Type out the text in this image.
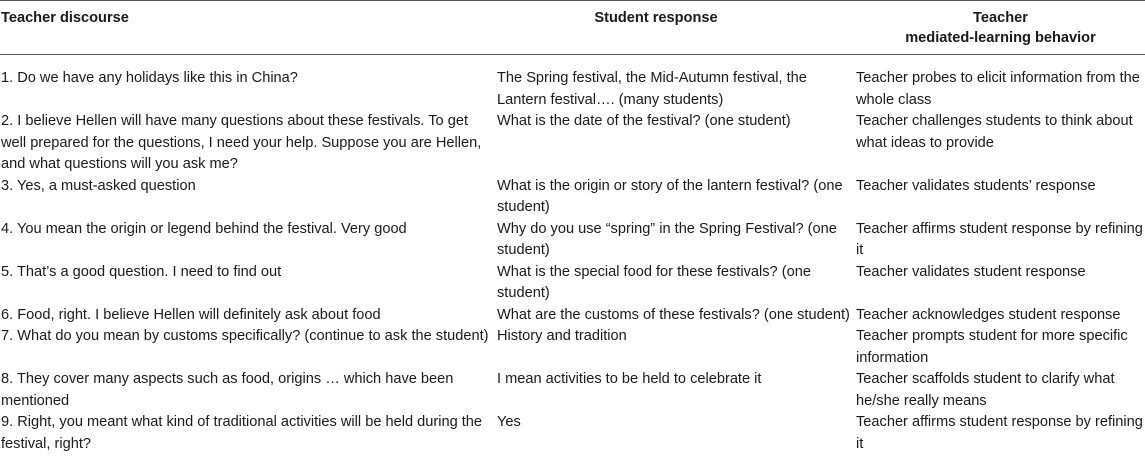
Teacher discourse	Student response	Teacher
mediated-learning behavior
1. Do we have any holidays like this in China?	The Spring festival, the Mid-Autumn festival, the Lantern festival…. (many students)	Teacher probes to elicit information from the whole class
2. I believe Hellen will have many questions about these festivals. To get well prepared for the questions, I need your help. Suppose you are Hellen, and what questions will you ask me?	What is the date of the festival? (one student)	Teacher challenges students to think about what ideas to provide
3. Yes, a must-asked question	What is the origin or story of the lantern festival? (one student)	Teacher validates students’ response
4. You mean the origin or legend behind the festival. Very good	Why do you use “spring” in the Spring Festival? (one student)	Teacher affirms student response by refining it
5. That’s a good question. I need to find out	What is the special food for these festivals? (one student)	Teacher validates student response
6. Food, right. I believe Hellen will definitely ask about food	What are the customs of these festivals? (one student)	Teacher acknowledges student response
7. What do you mean by customs specifically? (continue to ask the student)	History and tradition	Teacher prompts student for more specific information
8. They cover many aspects such as food, origins … which have been mentioned	I mean activities to be held to celebrate it	Teacher scaffolds student to clarify what he/she really means
9. Right, you meant what kind of traditional activities will be held during the festival, right?	Yes	Teacher affirms student response by refining it
